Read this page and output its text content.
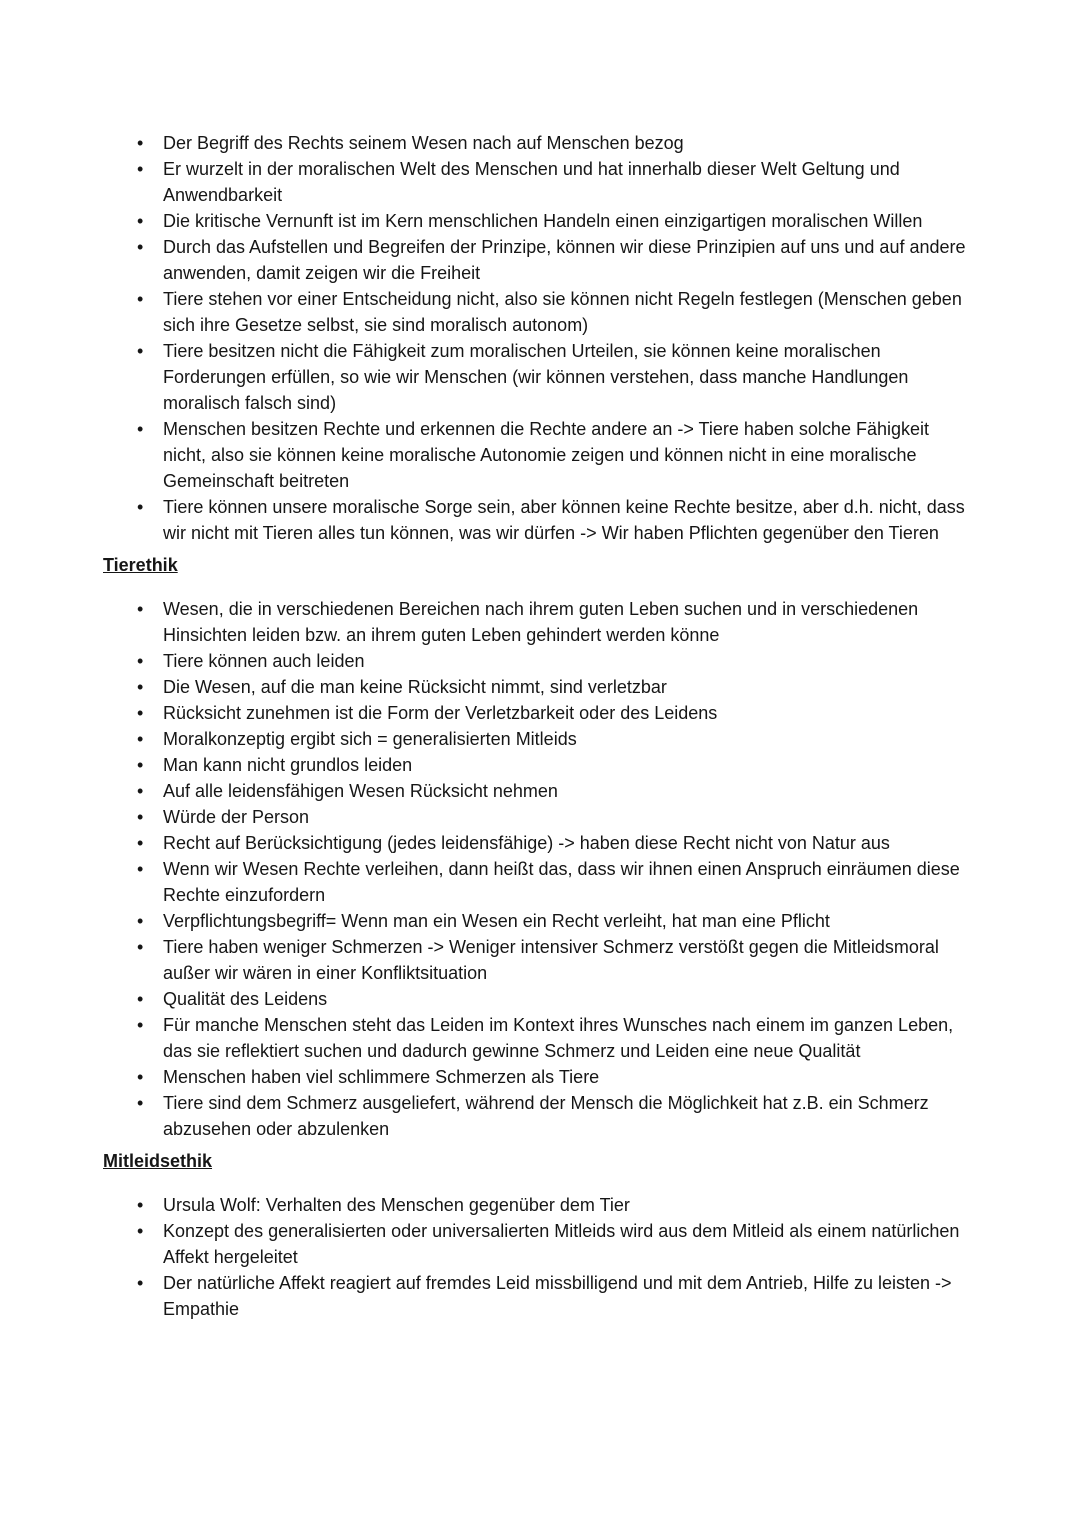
•	Der Begriff des Rechts seinem Wesen nach auf Menschen bezog
•	Er wurzelt in der moralischen Welt des Menschen und hat innerhalb dieser Welt Geltung und Anwendbarkeit
•	Die kritische Vernunft ist im Kern menschlichen Handeln einen einzigartigen moralischen Willen
•	Durch das Aufstellen und Begreifen der Prinzipe, können wir diese Prinzipien auf uns und auf andere anwenden, damit zeigen wir die Freiheit
•	Tiere stehen vor einer Entscheidung nicht, also sie können nicht Regeln festlegen (Menschen geben sich ihre Gesetze selbst, sie sind moralisch autonom)
•	Tiere besitzen nicht die Fähigkeit zum moralischen Urteilen, sie können keine moralischen Forderungen erfüllen, so wie wir Menschen (wir können verstehen, dass manche Handlungen moralisch falsch sind)
•	Menschen besitzen Rechte und erkennen die Rechte andere an -> Tiere haben solche Fähigkeit nicht, also sie können keine moralische Autonomie zeigen und können nicht in eine moralische Gemeinschaft beitreten
•	Tiere können unsere moralische Sorge sein, aber können keine Rechte besitze, aber d.h. nicht, dass wir nicht mit Tieren alles tun können, was wir dürfen -> Wir haben Pflichten gegenüber den Tieren
Tierethik
•	Wesen, die in verschiedenen Bereichen nach ihrem guten Leben suchen und in verschiedenen Hinsichten leiden bzw. an ihrem guten Leben gehindert werden könne
•	Tiere können auch leiden
•	Die Wesen, auf die man keine Rücksicht nimmt, sind verletzbar
•	Rücksicht zunehmen ist die Form der Verletzbarkeit oder des Leidens
•	Moralkonzeptig ergibt sich = generalisierten Mitleids
•	Man kann nicht grundlos leiden
•	Auf alle leidensfähigen Wesen Rücksicht nehmen
•	Würde der Person
•	Recht auf Berücksichtigung (jedes leidensfähige) -> haben diese Recht nicht von Natur aus
•	Wenn wir Wesen Rechte verleihen, dann heißt das, dass wir ihnen einen Anspruch einräumen diese Rechte einzufordern
•	Verpflichtungsbegriff= Wenn man ein Wesen ein Recht verleiht, hat man eine Pflicht
•	Tiere haben weniger Schmerzen -> Weniger intensiver Schmerz verstößt gegen die Mitleidsmoral außer wir wären in einer Konfliktsituation
•	Qualität des Leidens
•	Für manche Menschen steht das Leiden im Kontext ihres Wunsches nach einem im ganzen Leben, das sie reflektiert suchen und dadurch gewinne Schmerz und Leiden eine neue Qualität
•	Menschen haben viel schlimmere Schmerzen als Tiere
•	Tiere sind dem Schmerz ausgeliefert, während der Mensch die Möglichkeit hat z.B. ein Schmerz abzusehen oder abzulenken
Mitleidsethik
•	Ursula Wolf: Verhalten des Menschen gegenüber dem Tier
•	Konzept des generalisierten oder universalierten Mitleids wird aus dem Mitleid als einem natürlichen Affekt hergeleitet
•	Der natürliche Affekt reagiert auf fremdes Leid missbilligend und mit dem Antrieb, Hilfe zu leisten -> Empathie
